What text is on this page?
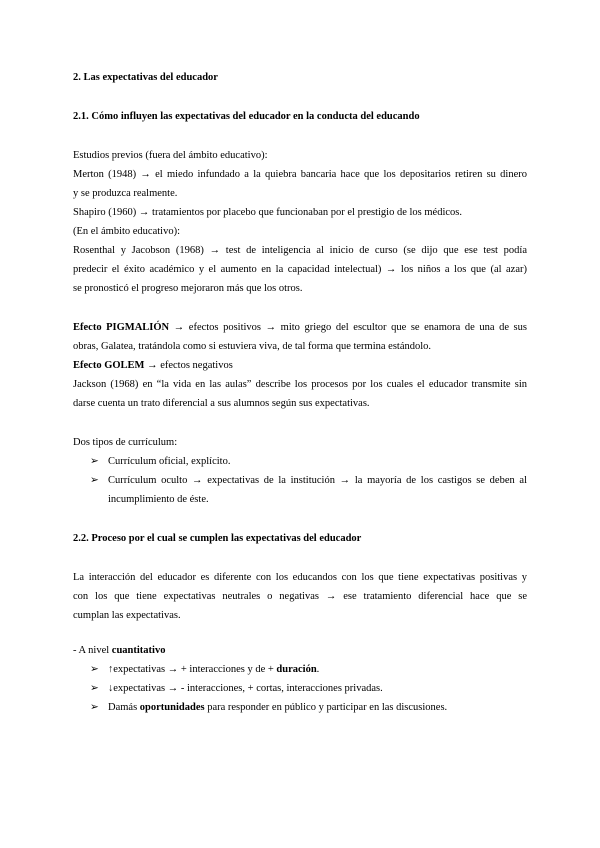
2. Las expectativas del educador
2.1. Cómo influyen las expectativas del educador en la conducta del educando
Estudios previos (fuera del ámbito educativo):
Merton (1948) → el miedo infundado a la quiebra bancaria hace que los depositarios retiren su dinero
y se produzca realmente.
Shapiro (1960) → tratamientos por placebo que funcionaban por el prestigio de los médicos.
(En el ámbito educativo):
Rosenthal y Jacobson (1968) → test de inteligencia al inicio de curso (se dijo que ese test podía
predecir el éxito académico y el aumento en la capacidad intelectual) → los niños a los que (al azar)
se pronosticó el progreso mejoraron más que los otros.
Efecto PIGMALIÓN → efectos positivos → mito griego del escultor que se enamora de una de sus
obras, Galatea, tratándola como si estuviera viva, de tal forma que termina estándolo.
Efecto GOLEM → efectos negativos
Jackson (1968) en “la vida en las aulas” describe los procesos por los cuales el educador transmite sin
darse cuenta un trato diferencial a sus alumnos según sus expectativas.
Dos tipos de currículum:
➢ Currículum oficial, explícito.
➢ Currículum oculto → expectativas de la institución → la mayoría de los castigos se deben al
incumplimiento de éste.
2.2. Proceso por el cual se cumplen las expectativas del educador
La interacción del educador es diferente con los educandos con los que tiene expectativas positivas y
con los que tiene expectativas neutrales o negativas → ese tratamiento diferencial hace que se
cumplan las expectativas.
- A nivel cuantitativo
➢ ↑expectativas → + interacciones y de + duración.
➢ ↓expectativas → - interacciones, + cortas, interacciones privadas.
➢ Damás oportunidades para responder en público y participar en las discusiones.
